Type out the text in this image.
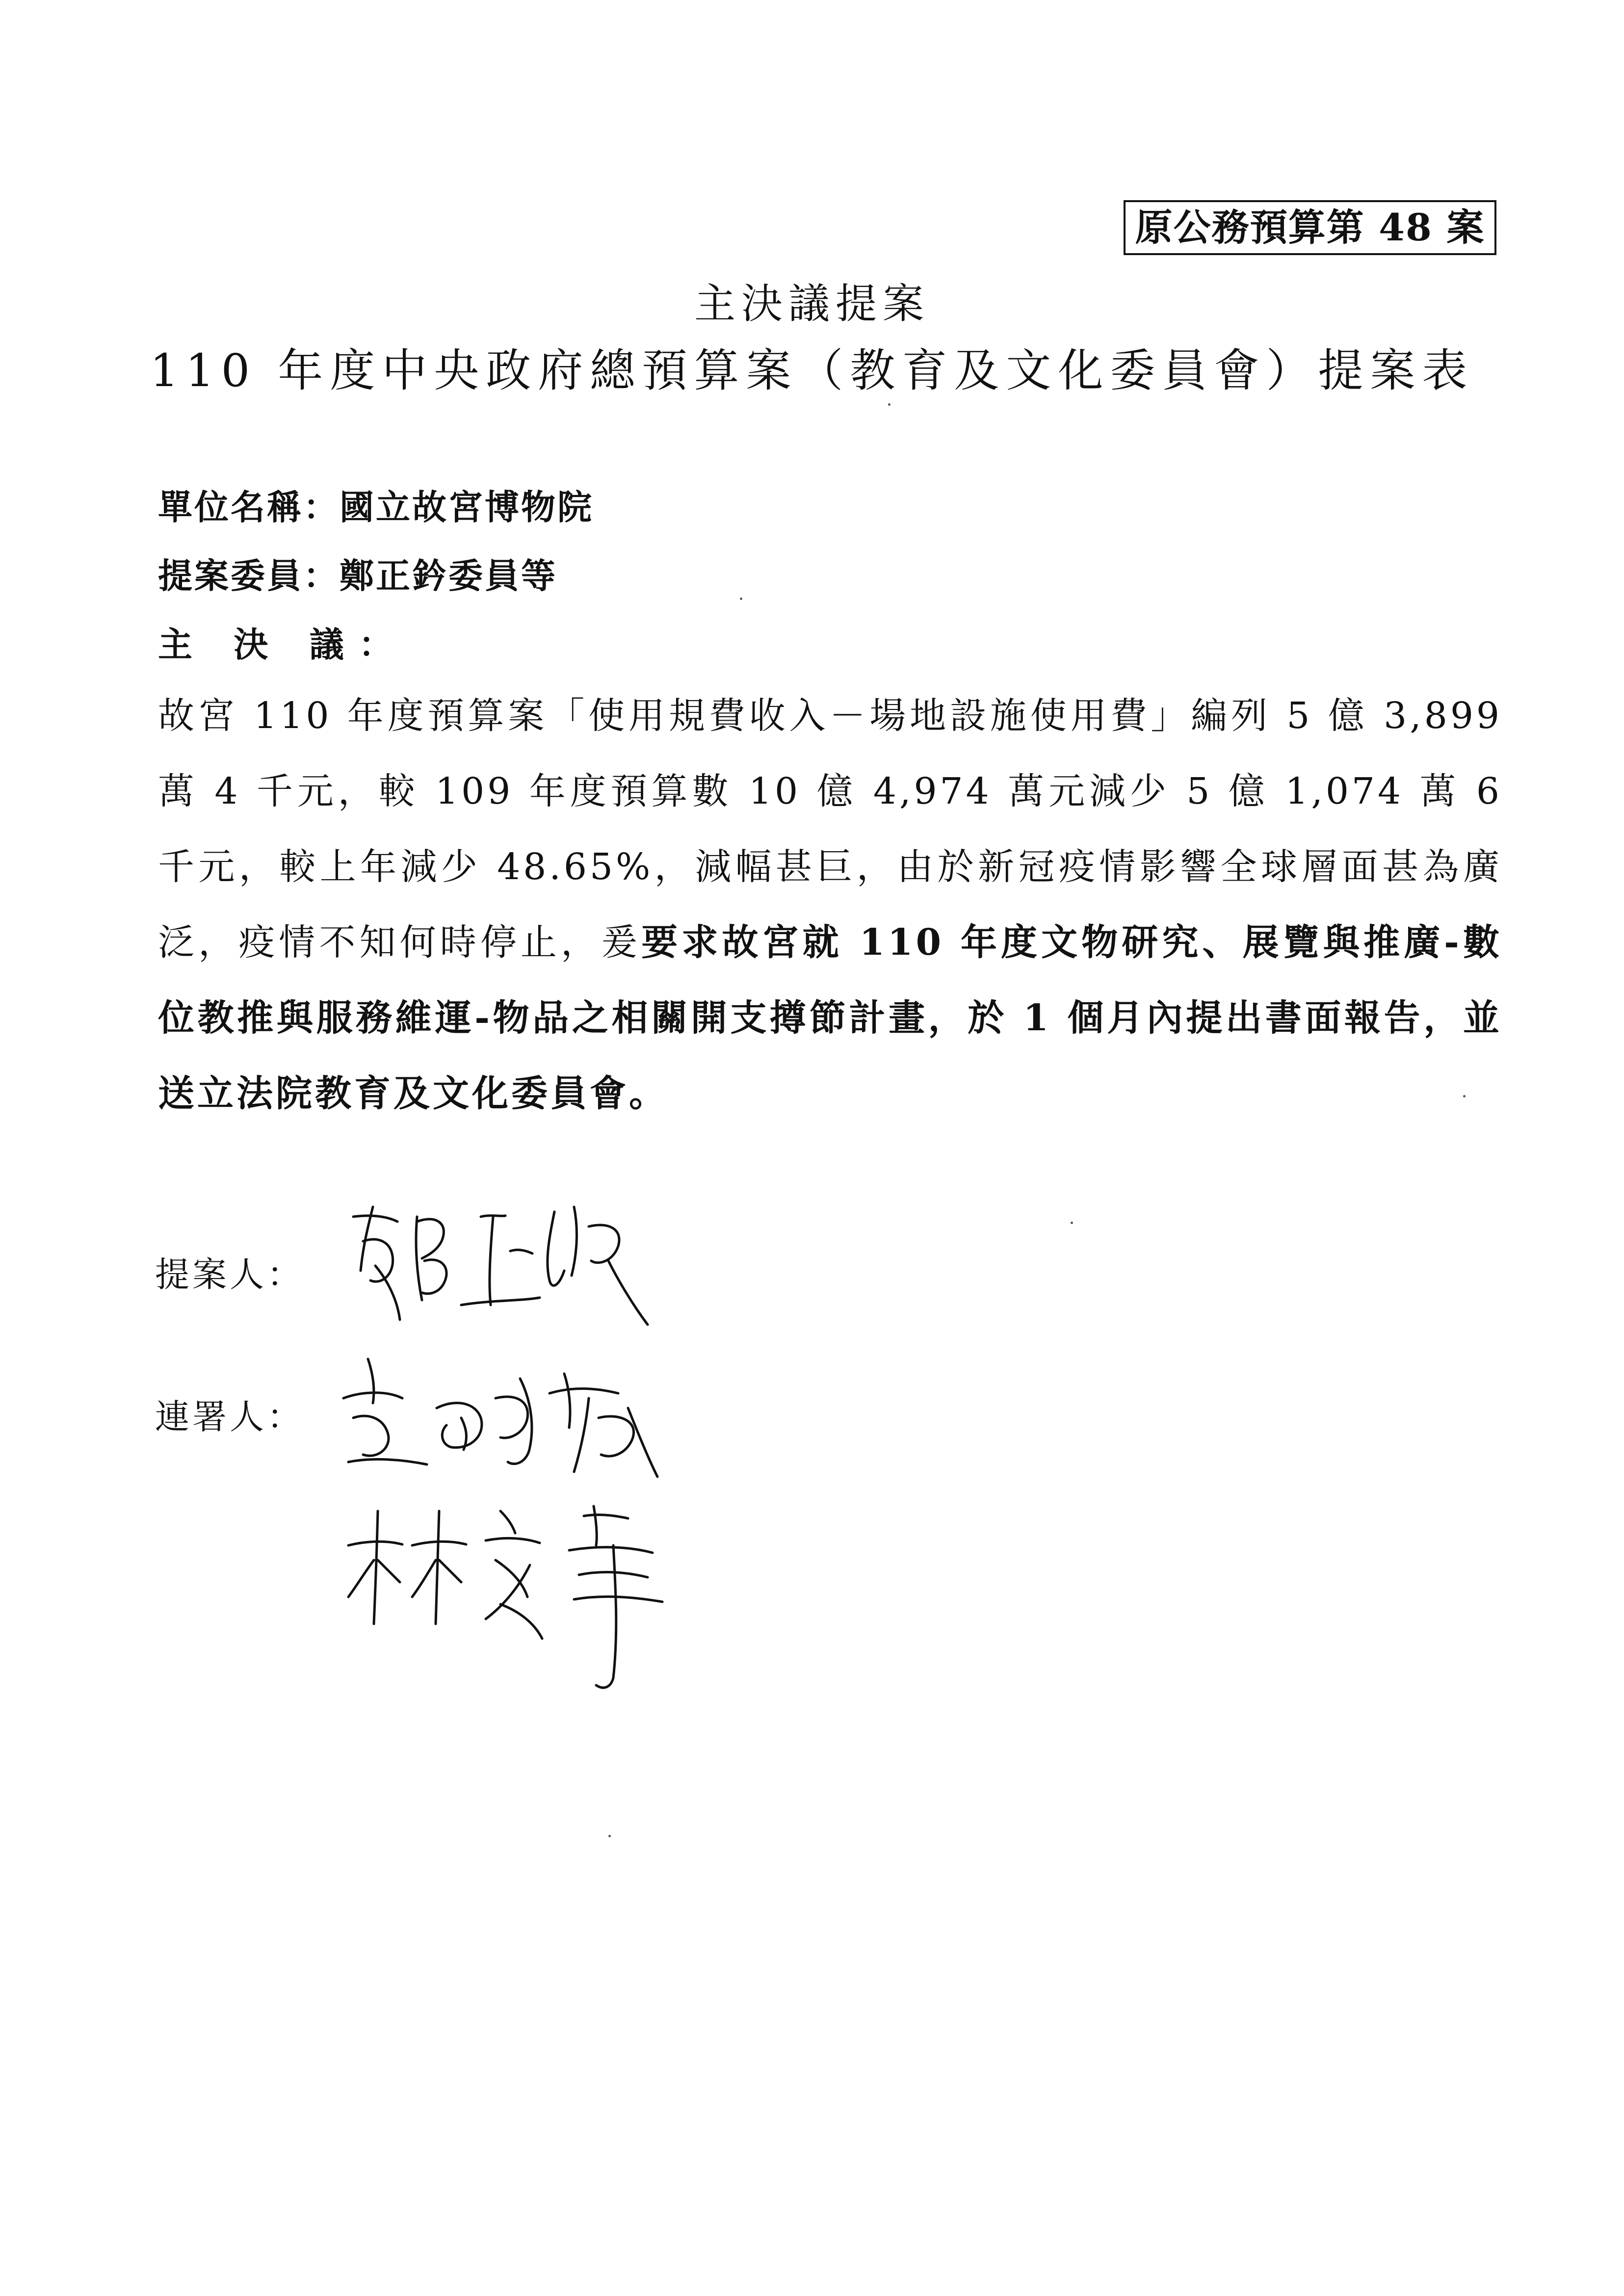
原公務預算第 48 案
主決議提案
110 年度中央政府總預算案（教育及文化委員會）提案表
單位名稱：國立故宮博物院
提案委員：鄭正鈐委員等
主 決 議：
故宮 110 年度預算案「使用規費收入－場地設施使用費」編列 5 億 3,899 萬 4 千元，較 109 年度預算數 10 億 4,974 萬元減少 5 億 1,074 萬 6 千元，較上年減少 48.65%，減幅甚巨，由於新冠疫情影響全球層面甚為廣泛，疫情不知何時停止，爰要求故宮就 110 年度文物研究、展覽與推廣-數位教推與服務維運-物品之相關開支撙節計畫，於 1 個月內提出書面報告，並送立法院教育及文化委員會。
提案人：
連署人：
